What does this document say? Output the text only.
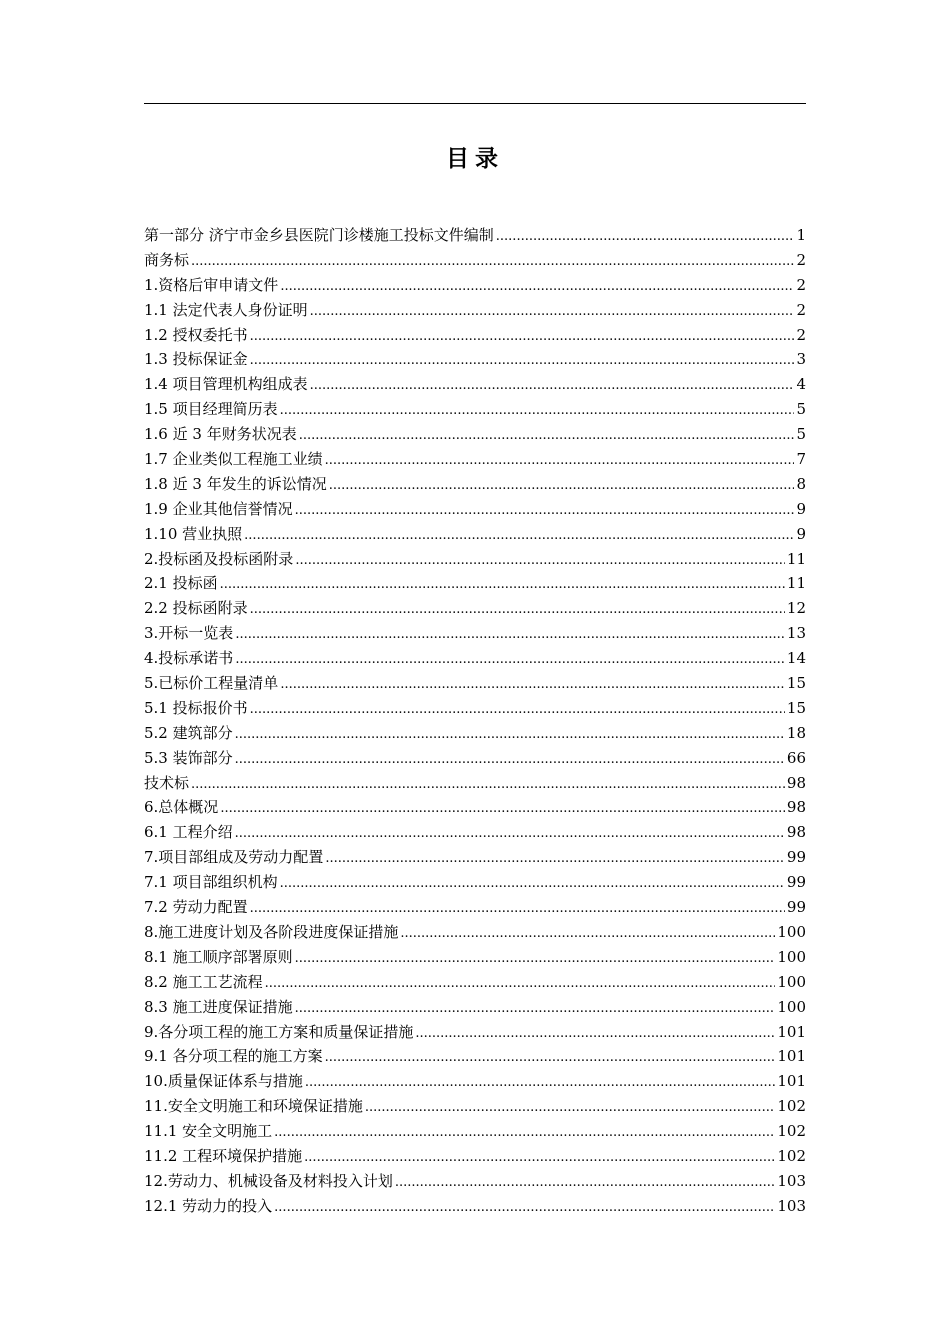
目录
第一部分 济宁市金乡县医院门诊楼施工投标文件编制 .....	1
商务标 .....	2
1.资格后审申请文件 .....	2
1.1 法定代表人身份证明 .....	2
1.2 授权委托书 .....	2
1.3 投标保证金 .....	3
1.4 项目管理机构组成表 .....	4
1.5 项目经理简历表 .....	5
1.6 近 3 年财务状况表 .....	5
1.7 企业类似工程施工业绩 .....	7
1.8 近 3 年发生的诉讼情况 .....	8
1.9 企业其他信誉情况 .....	9
1.10 营业执照 .....	9
2.投标函及投标函附录 .....	11
2.1 投标函 .....	11
2.2 投标函附录 .....	12
3.开标一览表 .....	13
4.投标承诺书 .....	14
5.已标价工程量清单 .....	15
5.1 投标报价书 .....	15
5.2 建筑部分 .....	18
5.3 装饰部分 .....	66
技术标 .....	98
6.总体概况 .....	98
6.1 工程介绍 .....	98
7.项目部组成及劳动力配置 .....	99
7.1 项目部组织机构 .....	99
7.2 劳动力配置 .....	99
8.施工进度计划及各阶段进度保证措施 .....	100
8.1 施工顺序部署原则 .....	100
8.2 施工工艺流程 .....	100
8.3 施工进度保证措施 .....	100
9.各分项工程的施工方案和质量保证措施 .....	101
9.1 各分项工程的施工方案 .....	101
10.质量保证体系与措施 .....	101
11.安全文明施工和环境保证措施 .....	102
11.1 安全文明施工 .....	102
11.2 工程环境保护措施 .....	102
12.劳动力、机械设备及材料投入计划 .....	103
12.1 劳动力的投入 .....	103
